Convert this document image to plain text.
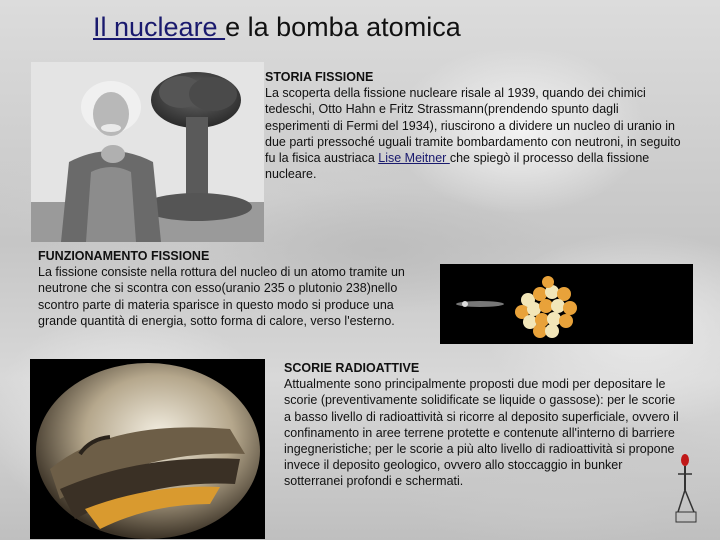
Il nucleare e la bomba atomica
STORIA FISSIONE
La scoperta della fissione nucleare risale al 1939, quando dei chimici tedeschi, Otto Hahn e Fritz Strassmann(prendendo spunto dagli esperimenti di Fermi del 1934), riuscirono a dividere un nucleo di uranio in due parti pressoché uguali tramite bombardamento con neutroni, in seguito fu la fisica austriaca Lise Meitner che spiegò il processo della fissione nucleare.
FUNZIONAMENTO FISSIONE
La fissione consiste nella rottura del nucleo di un atomo tramite un neutrone che si scontra con esso(uranio 235 o plutonio 238)nello scontro parte di materia sparisce in questo modo si produce una grande quantità di energia, sotto forma di calore, verso l'esterno.
SCORIE RADIOATTIVE
Attualmente sono principalmente proposti due modi per depositare le scorie (preventivamente solidificate se liquide o gassose): per le scorie a basso livello di radioattività si ricorre al deposito superficiale, ovvero il confinamento in aree terrene protette e contenute all'interno di barriere ingegneristiche; per le scorie a più alto livello di radioattività si propone invece il deposito geologico, ovvero allo stoccaggio in bunker sotterranei profondi e schermati.
